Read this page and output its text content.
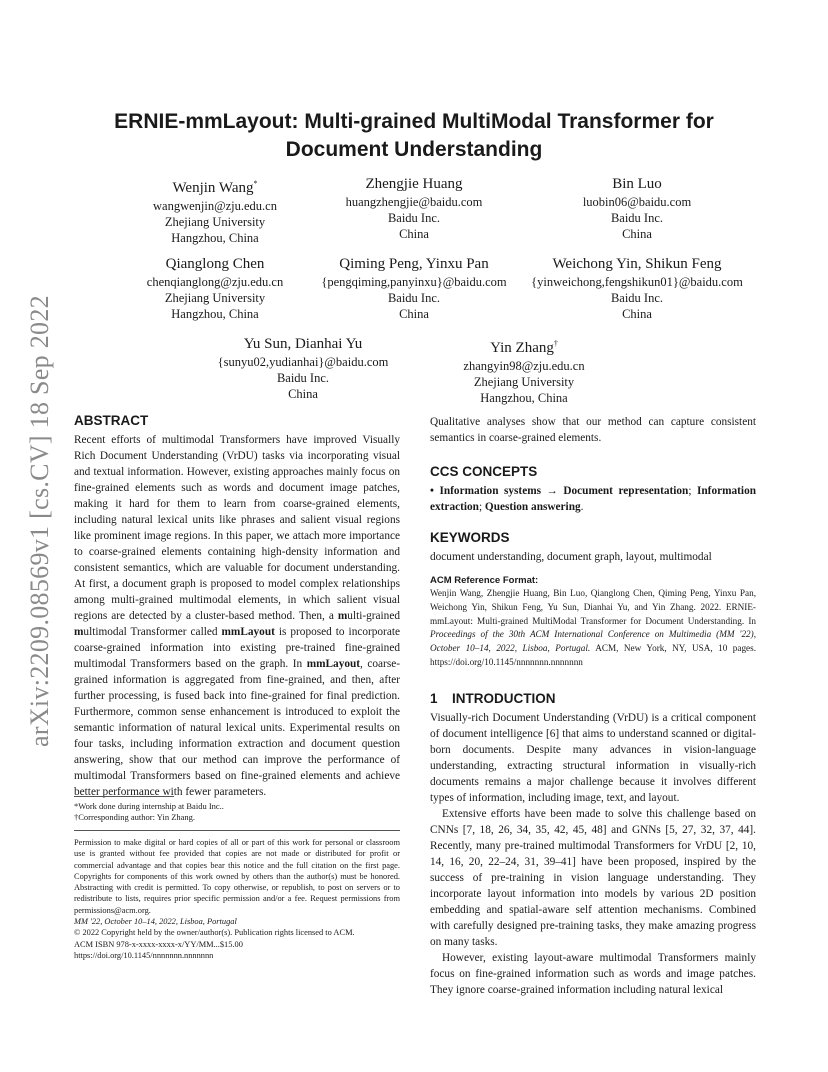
arXiv:2209.08569v1 [cs.CV] 18 Sep 2022
ERNIE-mmLayout: Multi-grained MultiModal Transformer for Document Understanding
Wenjin Wang*
wangwenjin@zju.edu.cn
Zhejiang University
Hangzhou, China
Zhengjie Huang
huangzhengjie@baidu.com
Baidu Inc.
China
Bin Luo
luobin06@baidu.com
Baidu Inc.
China
Qianglong Chen
chenqianglong@zju.edu.cn
Zhejiang University
Hangzhou, China
Qiming Peng, Yinxu Pan
{pengqiming,panyinxu}@baidu.com
Baidu Inc.
China
Weichong Yin, Shikun Feng
{yinweichong,fengshikun01}@baidu.com
Baidu Inc.
China
Yu Sun, Dianhai Yu
{sunyu02,yudianhai}@baidu.com
Baidu Inc.
China
Yin Zhang†
zhangyin98@zju.edu.cn
Zhejiang University
Hangzhou, China
ABSTRACT

Recent efforts of multimodal Transformers have improved Visually Rich Document Understanding (VrDU) tasks via incorporating visual and textual information. However, existing approaches mainly focus on fine-grained elements such as words and document image patches, making it hard for them to learn from coarse-grained elements, including natural lexical units like phrases and salient visual regions like prominent image regions. In this paper, we attach more importance to coarse-grained elements containing high-density information and consistent semantics, which are valuable for document understanding. At first, a document graph is proposed to model complex relationships among multi-grained multimodal elements, in which salient visual regions are detected by a cluster-based method. Then, a multi-grained multimodal Transformer called mmLayout is proposed to incorporate coarse-grained information into existing pre-trained fine-grained multimodal Transformers based on the graph. In mmLayout, coarse-grained information is aggregated from fine-grained, and then, after further processing, is fused back into fine-grained for final prediction. Furthermore, common sense enhancement is introduced to exploit the semantic information of natural lexical units. Experimental results on four tasks, including information extraction and document question answering, show that our method can improve the performance of multimodal Transformers based on fine-grained elements and achieve better performance with fewer parameters.

*Work done during internship at Baidu Inc..
†Corresponding author: Yin Zhang.
Permission to make digital or hard copies of all or part of this work for personal or classroom use is granted without fee provided that copies are not made or distributed for profit or commercial advantage and that copies bear this notice and the full citation on the first page. Copyrights for components of this work owned by others than the author(s) must be honored. Abstracting with credit is permitted. To copy otherwise, or republish, to post on servers or to redistribute to lists, requires prior specific permission and/or a fee. Request permissions from permissions@acm.org.
MM '22, October 10–14, 2022, Lisboa, Portugal
© 2022 Copyright held by the owner/author(s). Publication rights licensed to ACM.
ACM ISBN 978-x-xxxx-xxxx-x/YY/MM...$15.00
https://doi.org/10.1145/nnnnnnn.nnnnnnn

Qualitative analyses show that our method can capture consistent semantics in coarse-grained elements.

CCS CONCEPTS

• Information systems → Document representation; Information extraction; Question answering.

KEYWORDS

document understanding, document graph, layout, multimodal

ACM Reference Format:

Wenjin Wang, Zhengjie Huang, Bin Luo, Qianglong Chen, Qiming Peng, Yinxu Pan, Weichong Yin, Shikun Feng, Yu Sun, Dianhai Yu, and Yin Zhang. 2022. ERNIE-mmLayout: Multi-grained MultiModal Transformer for Document Understanding. In Proceedings of the 30th ACM International Conference on Multimedia (MM '22), October 10–14, 2022, Lisboa, Portugal. ACM, New York, NY, USA, 10 pages. https://doi.org/10.1145/nnnnnnn.nnnnnnn

1 INTRODUCTION

Visually-rich Document Understanding (VrDU) is a critical component of document intelligence [6] that aims to understand scanned or digital-born documents. Despite many advances in vision-language understanding, extracting structural information in visually-rich documents remains a major challenge because it involves different types of information, including image, text, and layout.

Extensive efforts have been made to solve this challenge based on CNNs [7, 18, 26, 34, 35, 42, 45, 48] and GNNs [5, 27, 32, 37, 44]. Recently, many pre-trained multimodal Transformers for VrDU [2, 10, 14, 16, 20, 22–24, 31, 39–41] have been proposed, inspired by the success of pre-training in vision language understanding. They incorporate layout information into models by various 2D position embedding and spatial-aware self attention mechanisms. Combined with carefully designed pre-training tasks, they make amazing progress on many tasks.

However, existing layout-aware multimodal Transformers mainly focus on fine-grained information such as words and image patches. They ignore coarse-grained information including natural lexical
